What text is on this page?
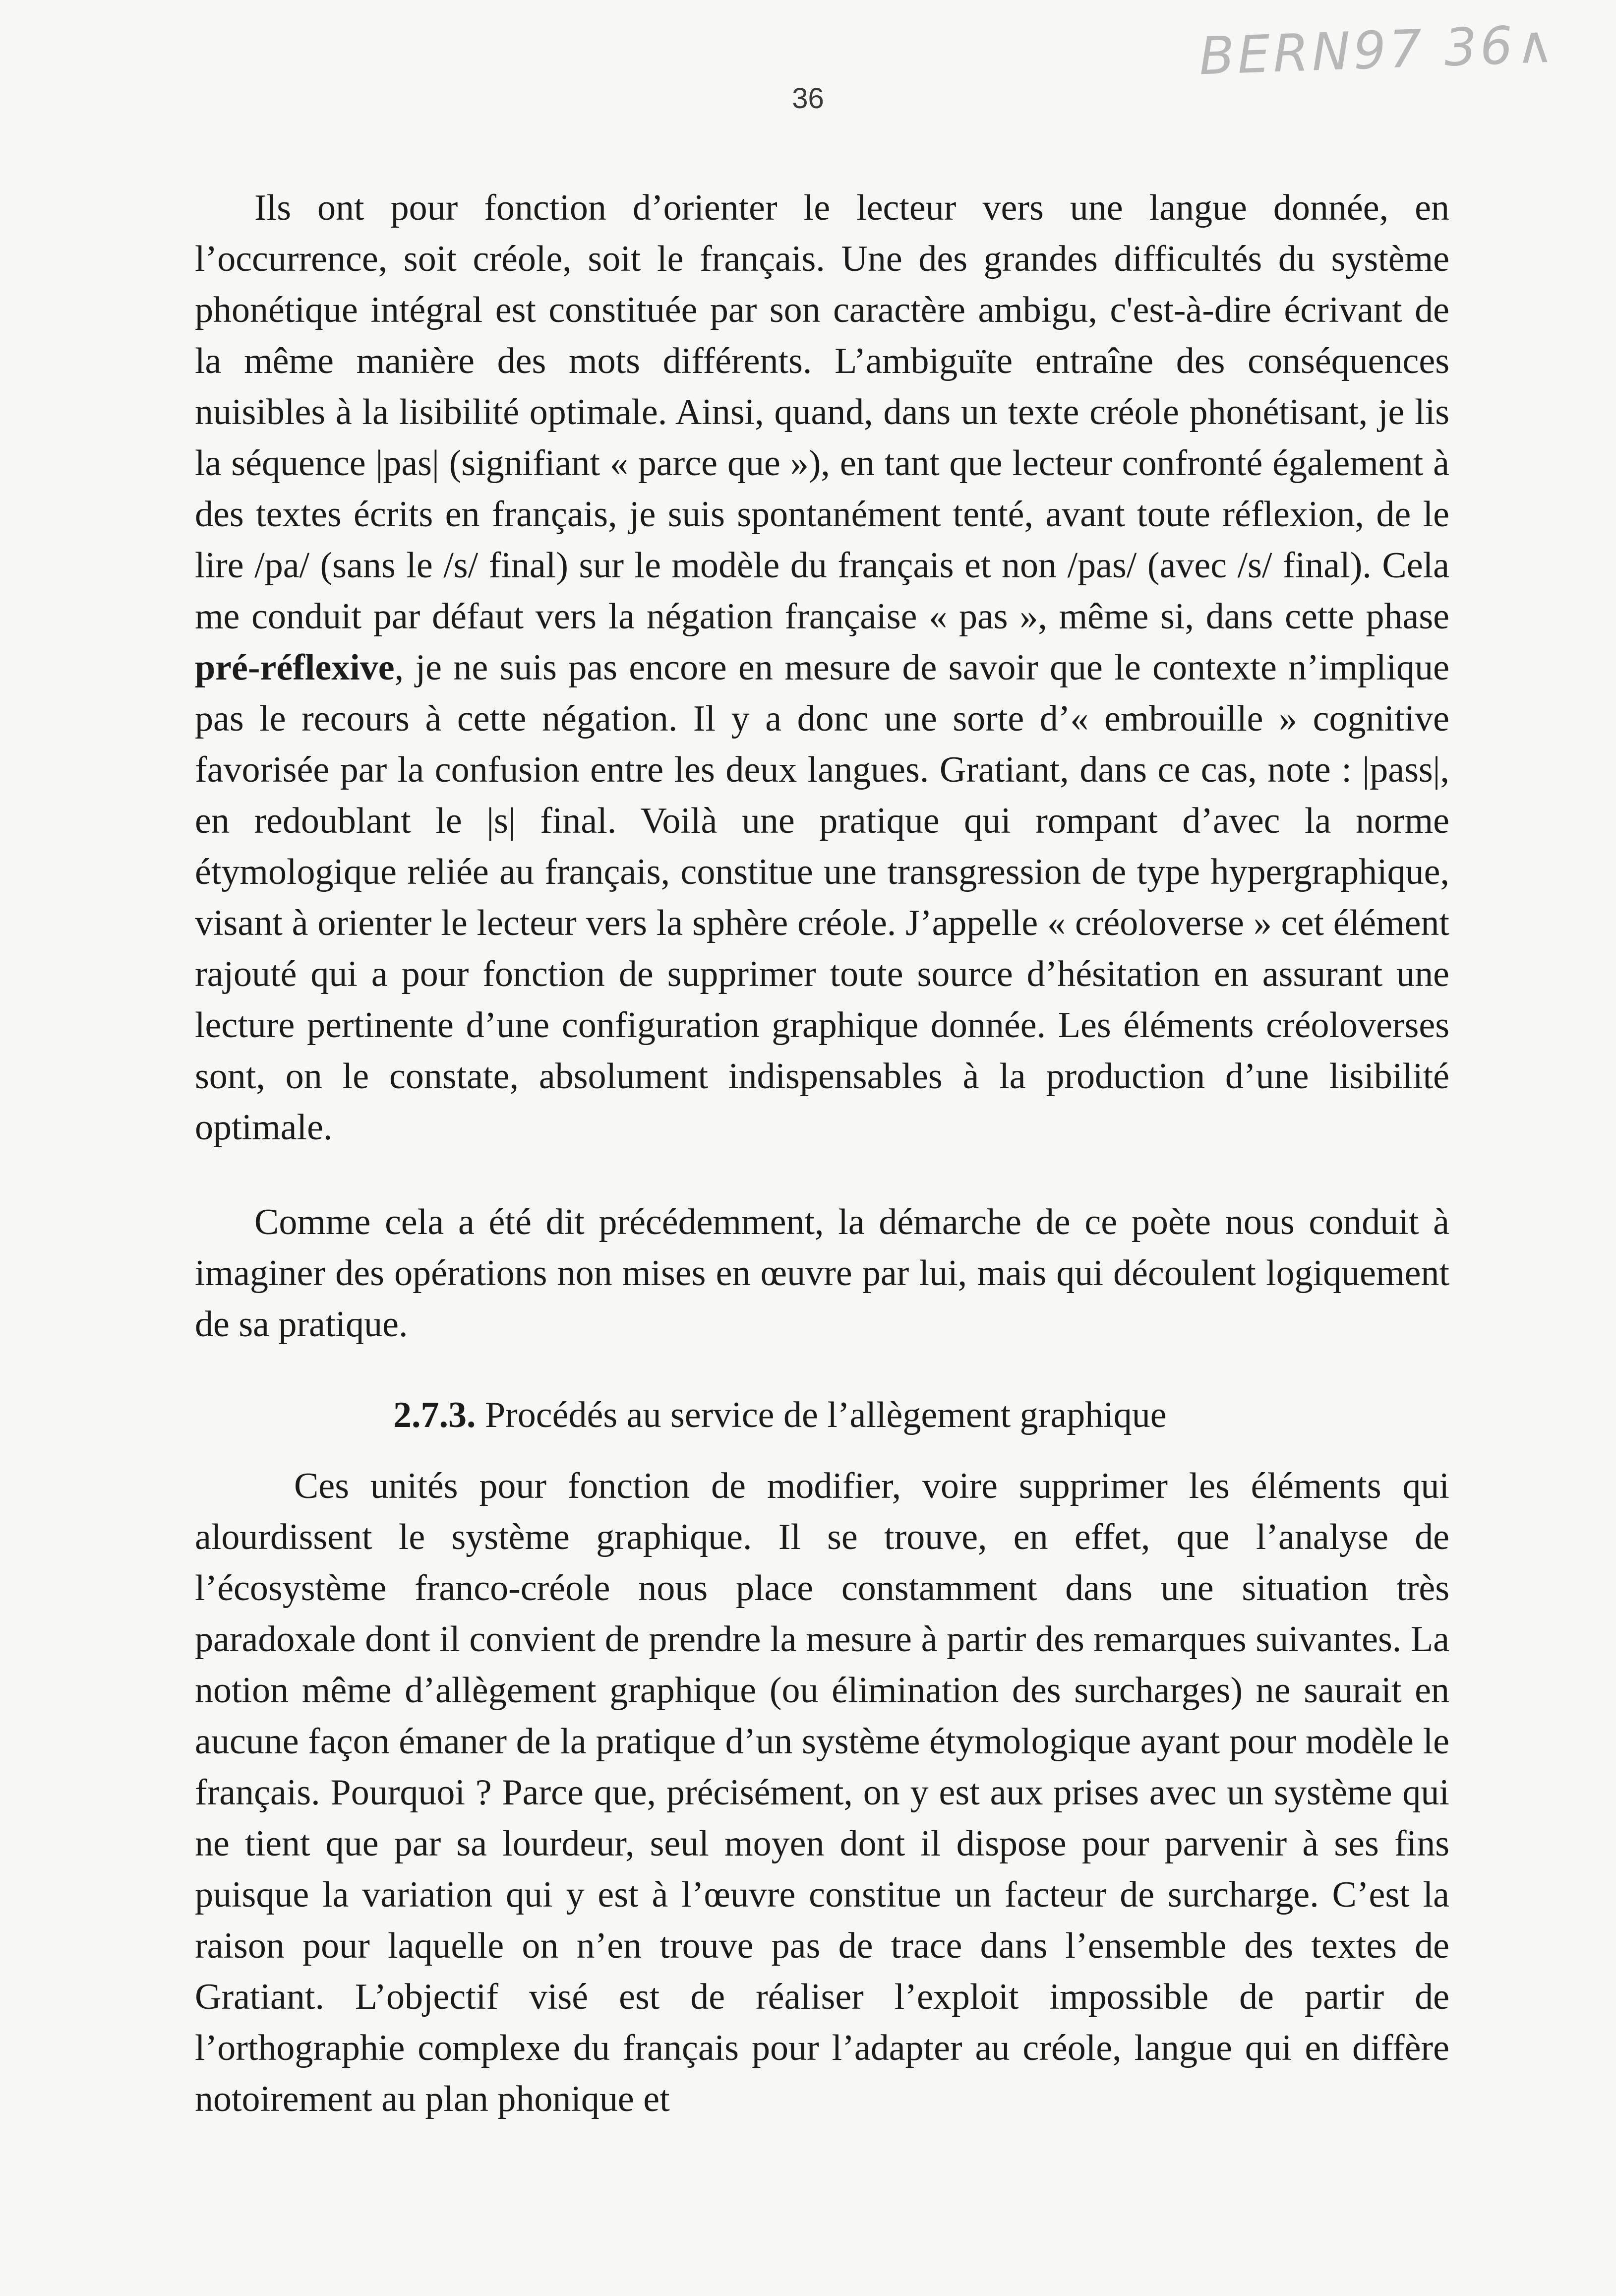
BERN97 36∧
36

Ils ont pour fonction d’orienter le lecteur vers une langue donnée, en l’occurrence, soit créole, soit le français. Une des grandes difficultés du système phonétique intégral est constituée par son caractère ambigu, c'est-à-dire écrivant de la même manière des mots différents. L’ambiguïte entraîne des conséquences nuisibles à la lisibilité optimale. Ainsi, quand, dans un texte créole phonétisant, je lis la séquence |pas| (signifiant « parce que »), en tant que lecteur confronté également à des textes écrits en français, je suis spontanément tenté, avant toute réflexion, de le lire /pa/ (sans le /s/ final) sur le modèle du français et non /pas/ (avec /s/ final). Cela me conduit par défaut vers la négation française « pas », même si, dans cette phase pré-réflexive, je ne suis pas encore en mesure de savoir que le contexte n’implique pas le recours à cette négation. Il y a donc une sorte d’« embrouille » cognitive favorisée par la confusion entre les deux langues. Gratiant, dans ce cas, note : |pass|, en redoublant le |s| final. Voilà une pratique qui rompant d’avec la norme étymologique reliée au français, constitue une transgression de type hypergraphique, visant à orienter le lecteur vers la sphère créole. J’appelle « créoloverse » cet élément rajouté qui a pour fonction de supprimer toute source d’hésitation en assurant une lecture pertinente d’une configuration graphique donnée. Les éléments créoloverses sont, on le constate, absolument indispensables à la production d’une lisibilité optimale.

Comme cela a été dit précédemment, la démarche de ce poète nous conduit à imaginer des opérations non mises en œuvre par lui, mais qui découlent logiquement de sa pratique.

2.7.3. Procédés au service de l’allègement graphique

Ces unités pour fonction de modifier, voire supprimer les éléments qui alourdissent le système graphique. Il se trouve, en effet, que l’analyse de l’écosystème franco-créole nous place constamment dans une situation très paradoxale dont il convient de prendre la mesure à partir des remarques suivantes. La notion même d’allègement graphique (ou élimination des surcharges) ne saurait en aucune façon émaner de la pratique d’un système étymologique ayant pour modèle le français. Pourquoi ? Parce que, précisément, on y est aux prises avec un système qui ne tient que par sa lourdeur, seul moyen dont il dispose pour parvenir à ses fins puisque la variation qui y est à l’œuvre constitue un facteur de surcharge. C’est la raison pour laquelle on n’en trouve pas de trace dans l’ensemble des textes de Gratiant. L’objectif visé est de réaliser l’exploit impossible de partir de l’orthographie complexe du français pour l’adapter au créole, langue qui en diffère notoirement au plan phonique et
